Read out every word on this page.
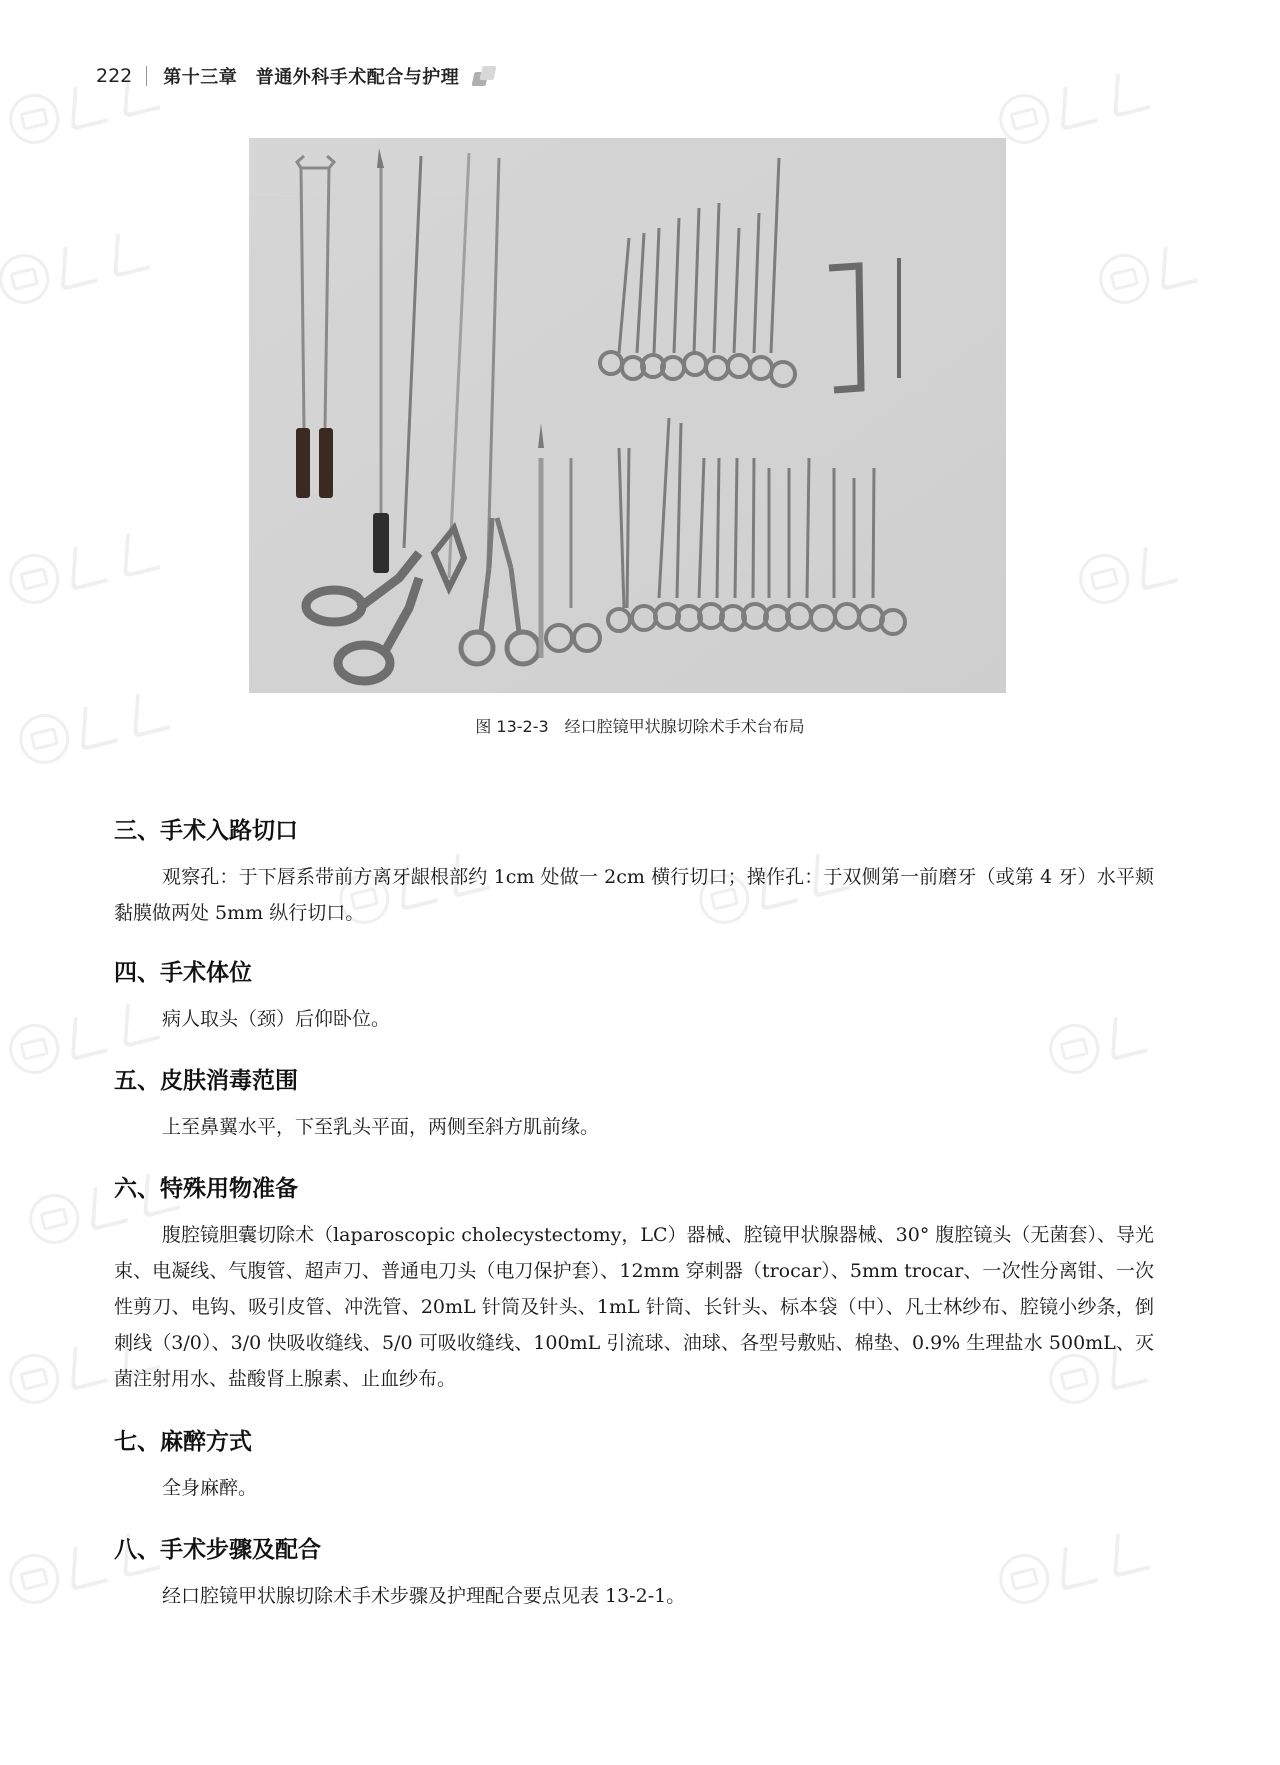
222 第十三章　普通外科手术配合与护理
图 13-2-3 经口腔镜甲状腺切除术手术台布局
三、手术入路切口

观察孔：于下唇系带前方离牙龈根部约 1cm 处做一 2cm 横行切口；操作孔：于双侧第一前磨牙（或第 4 牙）水平颊黏膜做两处 5mm 纵行切口。

四、手术体位

病人取头（颈）后仰卧位。

五、皮肤消毒范围

上至鼻翼水平，下至乳头平面，两侧至斜方肌前缘。

六、特殊用物准备

腹腔镜胆囊切除术（laparoscopic cholecystectomy，LC）器械、腔镜甲状腺器械、30° 腹腔镜头（无菌套）、导光束、电凝线、气腹管、超声刀、普通电刀头（电刀保护套）、12mm 穿刺器（trocar）、5mm trocar、一次性分离钳、一次性剪刀、电钩、吸引皮管、冲洗管、20mL 针筒及针头、1mL 针筒、长针头、标本袋（中）、凡士林纱布、腔镜小纱条，倒刺线（3/0）、3/0 快吸收缝线、5/0 可吸收缝线、100mL 引流球、油球、各型号敷贴、棉垫、0.9% 生理盐水 500mL、灭菌注射用水、盐酸肾上腺素、止血纱布。

七、麻醉方式

全身麻醉。

八、手术步骤及配合

经口腔镜甲状腺切除术手术步骤及护理配合要点见表 13-2-1。
